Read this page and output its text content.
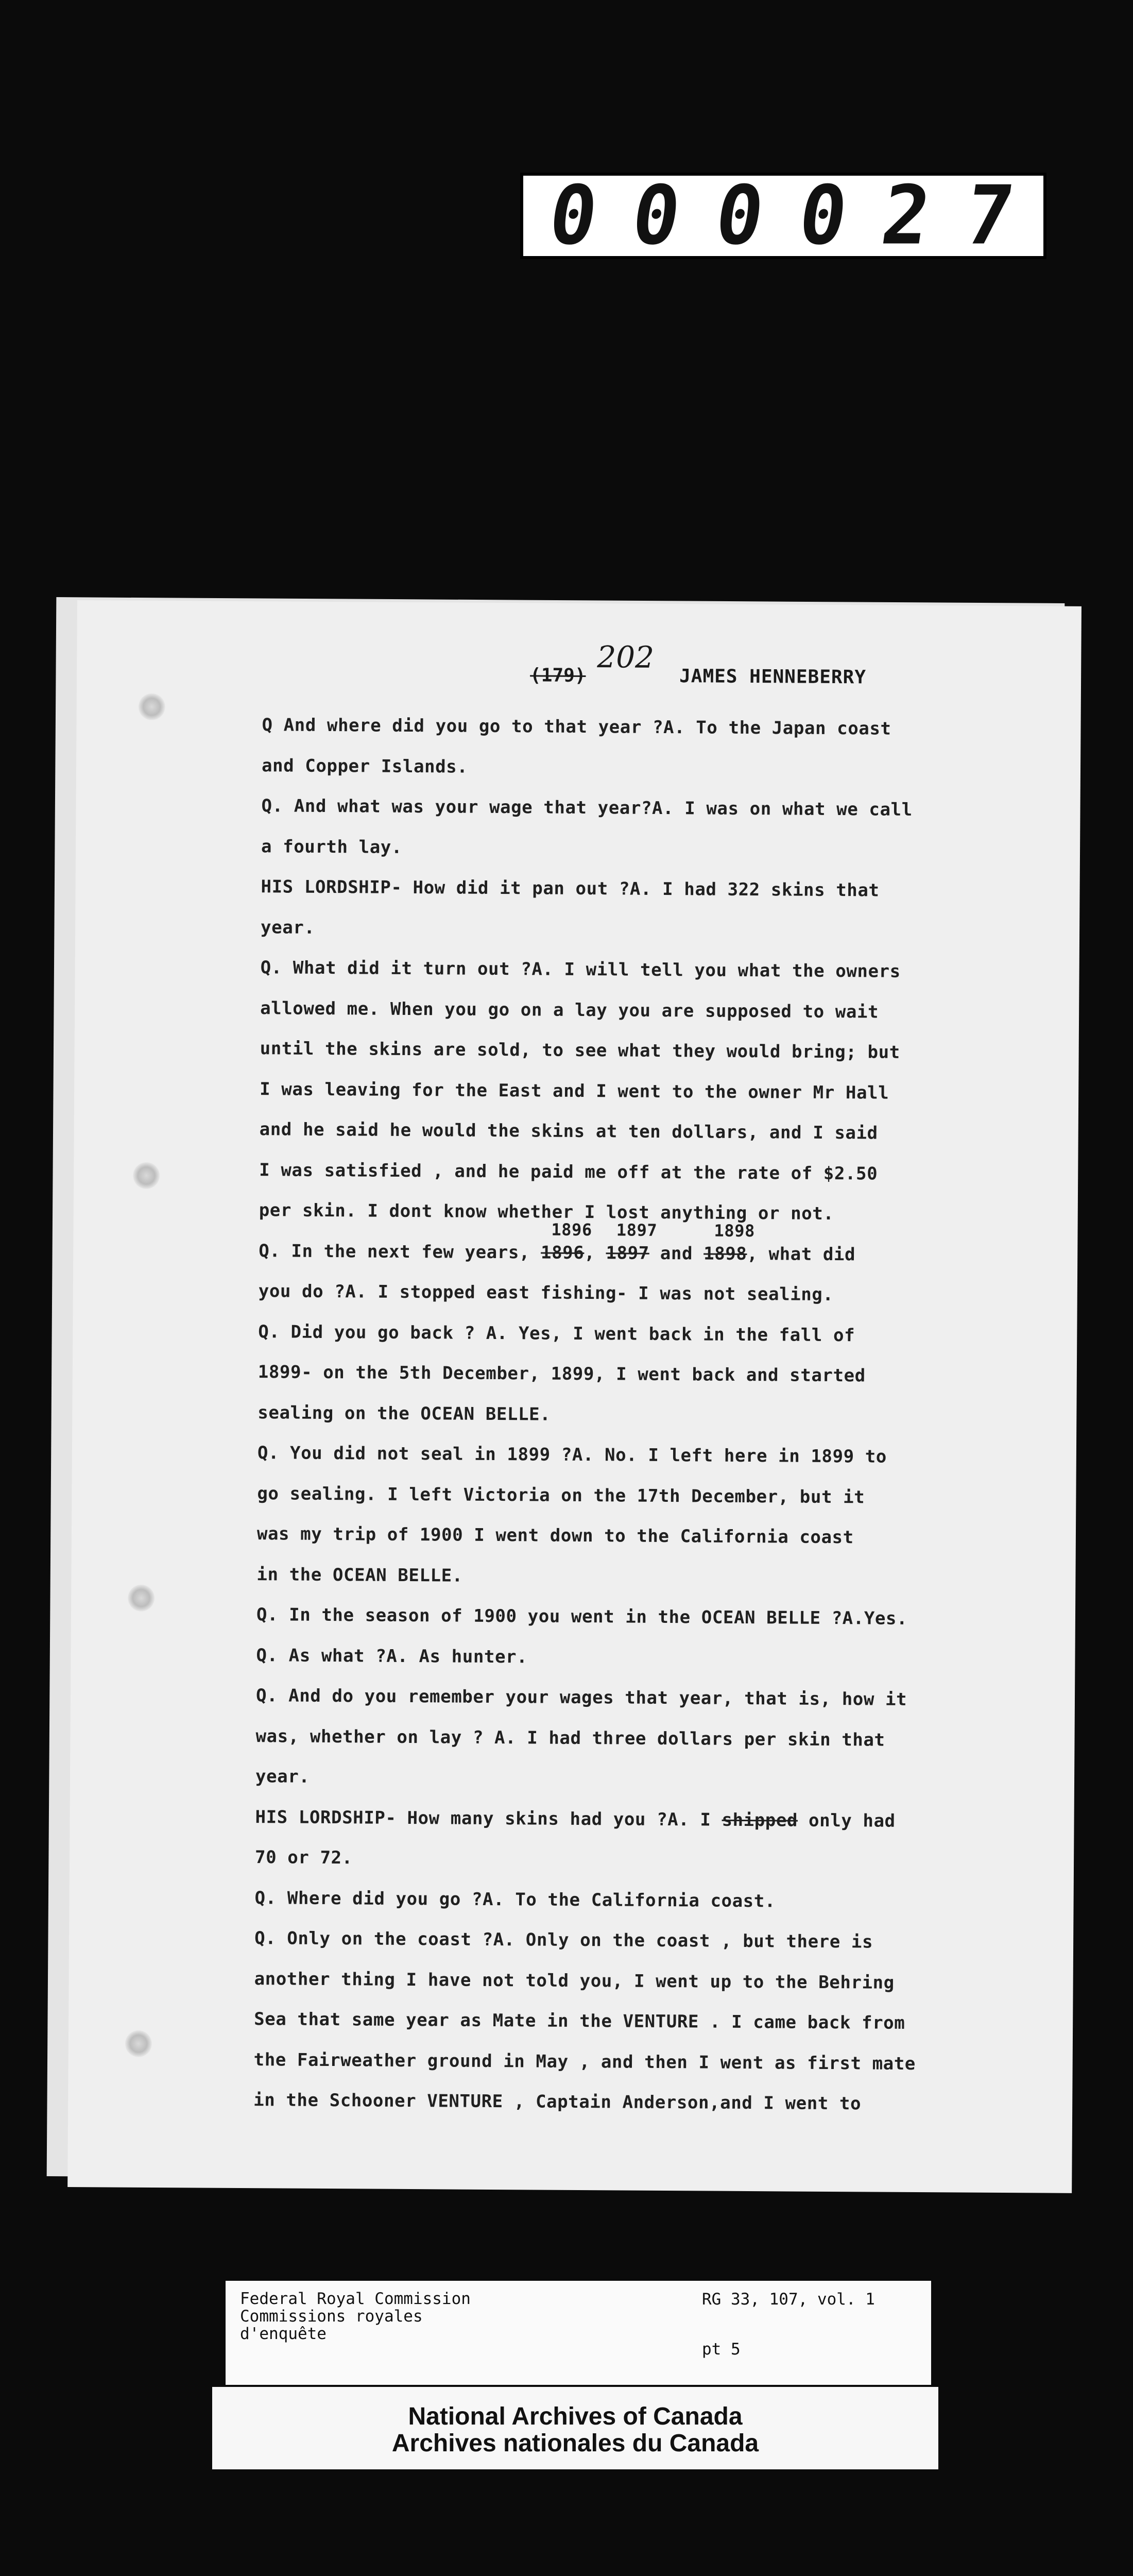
0 0 0 0 2 7
(179)
202
JAMES HENNEBERRY
Q And where did you go to that year ?A. To the Japan coast
and Copper Islands.
Q. And what was your wage that year?A. I was on what we call
a fourth lay.
HIS LORDSHIP- How did it pan out ?A. I had 322 skins that
year.
Q. What did it turn out ?A. I will tell you what the owners
allowed me. When you go on a lay you are supposed to wait
until the skins are sold, to see what they would bring; but
I was leaving for the East and I went to the owner Mr Hall
and he said he would the skins at ten dollars, and I said
I was satisfied , and he paid me off at the rate of $2.50
per skin. I dont know whether I lost anything or not.
Q. In the next few years, 1896
1896
, 1897
1897
and 1898
1898
, what did
you do ?A. I stopped east fishing- I was not sealing.
Q. Did you go back ? A. Yes, I went back in the fall of
1899- on the 5th December, 1899, I went back and started
sealing on the OCEAN BELLE.
Q. You did not seal in 1899 ?A. No. I left here in 1899 to
go sealing. I left Victoria on the 17th December, but it
was my trip of 1900 I went down to the California coast
in the OCEAN BELLE.
Q. In the season of 1900 you went in the OCEAN BELLE ?A.Yes.
Q. As what ?A. As hunter.
Q. And do you remember your wages that year, that is, how it
was, whether on lay ? A. I had three dollars per skin that
year.
HIS LORDSHIP- How many skins had you ?A. I shipped only had
70 or 72.
Q. Where did you go ?A. To the California coast.
Q. Only on the coast ?A. Only on the coast , but there is
another thing I have not told you, I went up to the Behring
Sea that same year as Mate in the VENTURE . I came back from
the Fairweather ground in May , and then I went as first mate
in the Schooner VENTURE , Captain Anderson,and I went to
Federal Royal Commission
Commissions royales
d'enquête
RG 33, 107, vol. 1
pt 5
National Archives of Canada
Archives nationales du Canada
